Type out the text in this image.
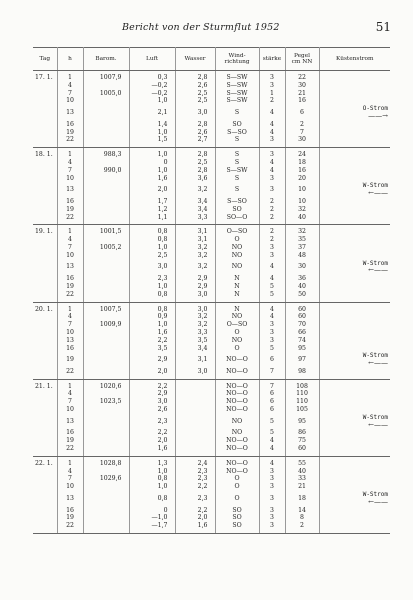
Bericht von der Sturmflut 1952	51
Tag	h	Barom.	Luft	Wasser	Wind-
richtung	stärke	Pegel
cm NN	Küstenstrom
17. 1.	1	1007,9	0,3	2,8	S—SW	3	22	
	4		—0,2	2,6	S—SW	3	30	
	7	1005,0	—0,2	2,5	S—SW	1	21	
	10		1,0	2,5	S—SW	2	16	
	13		2,1	3,0	S	4	6	O-Strom
——→
	16		1,4	2,8	SO	4	2	
	19		1,0	2,6	S—SO	4	7	
	22		1,5	2,7	S	3	30	
18. 1.	1	988,3	1,0	2,8	S	3	24	
	4		0	2,5	S	4	18	
	7	990,0	1,0	2,8	S—SW	4	16	
	10		1,6	3,6	S	3	20	
	13		2,0	3,2	S	3	10	W-Strom
←——
	16		1,7	3,4	S—SO	2	10	
	19		1,2	3,4	SO	2	32	
	22		1,1	3,3	SO—O	2	40	
19. 1.	1	1001,5	0,8	3,1	O—SO	2	32	
	4		0,8	3,1	O	2	35	
	7	1005,2	1,0	3,2	NO	3	37	
	10		2,5	3,2	NO	3	48	
	13		3,0	3,2	NO	4	30	W-Strom
←——
	16		2,3	2,9	N	4	36	
	19		1,0	2,9	N	5	40	
	22		0,8	3,0	N	5	50	
20. 1.	1	1007,5	0,8	3,0	N	4	60	
	4		0,9	3,2	NO	4	60	
	7	1009,9	1,0	3,2	O—SO	3	70	
	10		1,6	3,3	O	3	66	
	13		2,2	3,5	NO	3	74	
	16		3,5	3,4	O	5	95	
	19		2,9	3,1	NO—O	6	97	W-Strom
←——
	22		2,0	3,0	NO—O	7	98	
21. 1.	1	1020,6	2,2		NO—O	7	108	
	4		2,9		NO—O	6	110	
	7	1023,5	3,0		NO—O	6	110	
	10		2,6		NO—O	6	105	
	13		2,3		NO	5	95	W-Strom
←——
	16		2,2		NO	5	86	
	19		2,0		NO—O	4	75	
	22		1,6		NO—O	4	60	
22. 1.	1	1028,8	1,3	2,4	NO—O	4	55	
	4		1,0	2,3	NO—O	3	40	
	7	1029,6	0,8	2,3	O	3	33	
	10		1,0	2,2	O	3	21	
	13		0,8	2,3	O	3	18	W-Strom
←——
	16		0	2,2	SO	3	14	
	19		—1,0	2,0	SO	3	8	
	22		—1,7	1,6	SO	3	2	
